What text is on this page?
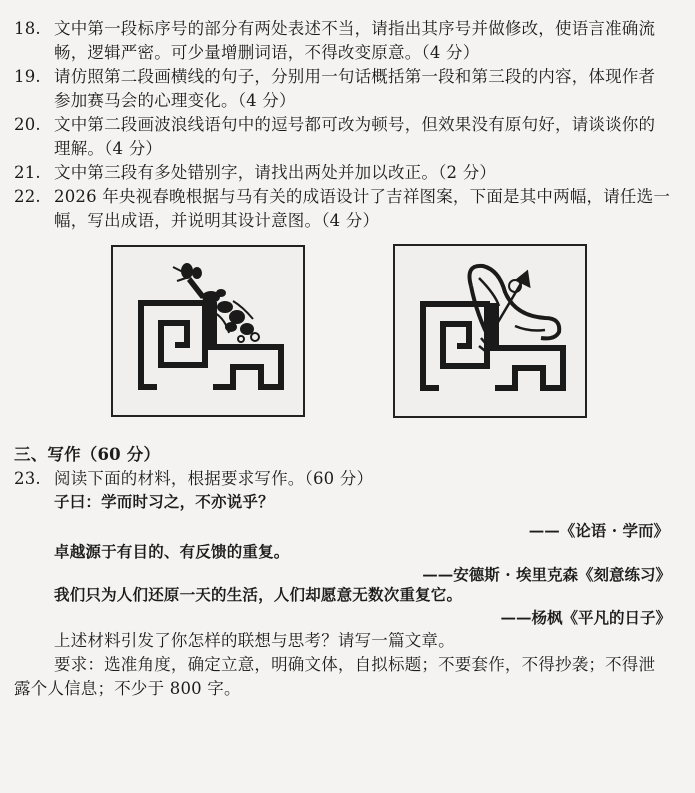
18. 文中第一段标序号的部分有两处表述不当，请指出其序号并做修改，使语言准确流
畅，逻辑严密。可少量增删词语，不得改变原意。（4 分）
19. 请仿照第二段画横线的句子，分别用一句话概括第一段和第三段的内容，体现作者
参加赛马会的心理变化。（4 分）
20. 文中第二段画波浪线语句中的逗号都可改为顿号，但效果没有原句好，请谈谈你的
理解。（4 分）
21. 文中第三段有多处错别字，请找出两处并加以改正。（2 分）
22. 2026 年央视春晚根据与马有关的成语设计了吉祥图案，下面是其中两幅，请任选一
幅，写出成语，并说明其设计意图。（4 分）
三、写作（60 分）
23. 阅读下面的材料，根据要求写作。（60 分）
子曰：学而时习之，不亦说乎？
——《论语 · 学而》
卓越源于有目的、有反馈的重复。
——安德斯 · 埃里克森《刻意练习》
我们只为人们还原一天的生活，人们却愿意无数次重复它。
——杨枫《平凡的日子》
上述材料引发了你怎样的联想与思考？请写一篇文章。
要求：选准角度，确定立意，明确文体，自拟标题；不要套作，不得抄袭；不得泄
露个人信息；不少于 800 字。
